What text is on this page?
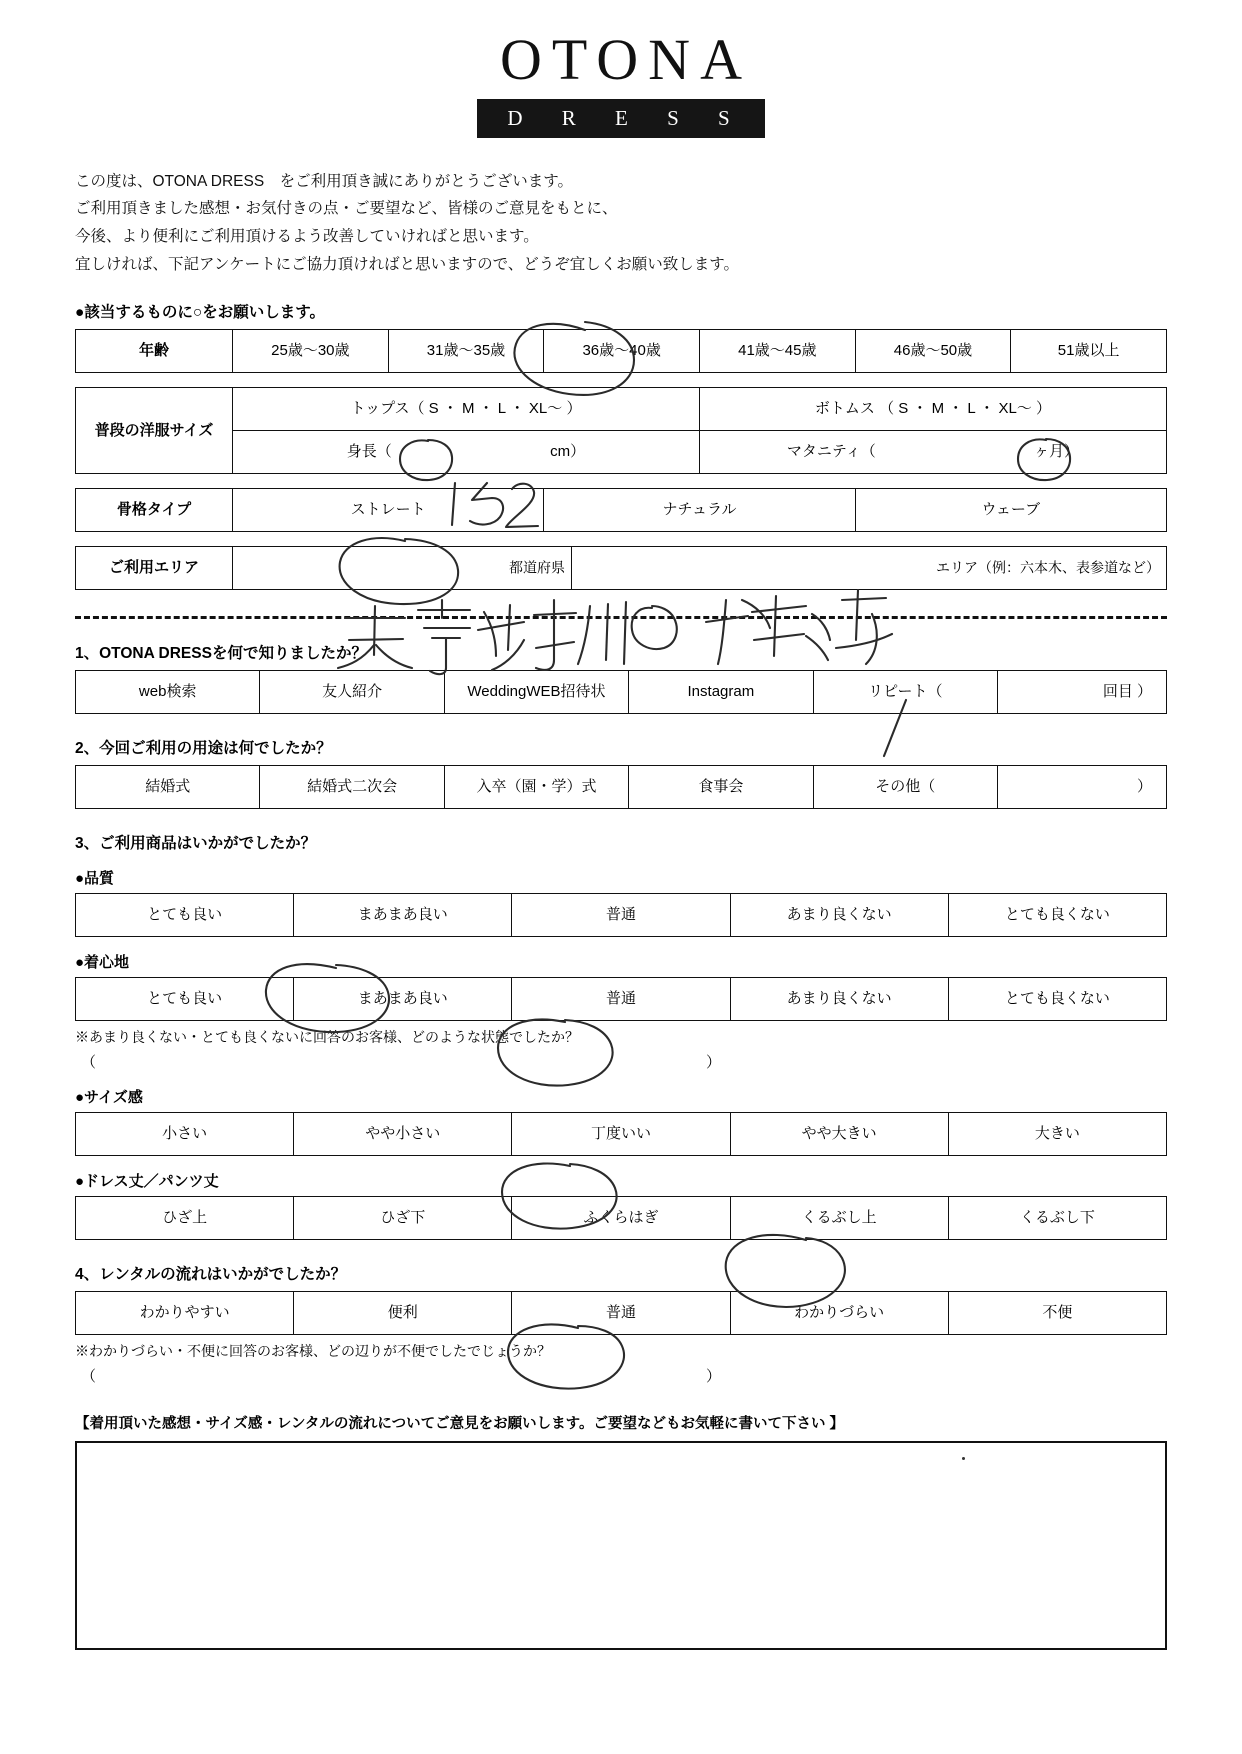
OTONA
D R E S S
この度は、OTONA DRESS　をご利用頂き誠にありがとうございます。
ご利用頂きました感想・お気付きの点・ご要望など、皆様のご意見をもとに、
今後、より便利にご利用頂けるよう改善していければと思います。
宜しければ、下記アンケートにご協力頂ければと思いますので、どうぞ宜しくお願い致します。
●該当するものに○をお願いします。
年齢	25歳〜30歳	31歳〜35歳	36歳〜40歳	41歳〜45歳	46歳〜50歳	51歳以上
普段の洋服サイズ	トップス（ S ・ M ・ L ・ XL〜 ）	ボトムス （ S ・ M ・ L ・ XL〜 ）
	身長（ cm）	マタニティ（ ヶ月）
骨格タイプ	ストレート	ナチュラル	ウェーブ
ご利用エリア	都道府県	エリア（例：六本木、表参道など）
1、OTONA DRESSを何で知りましたか？
web検索	友人紹介	WeddingWEB招待状	Instagram	リピート（	回目 ）
2、今回ご利用の用途は何でしたか？
結婚式	結婚式二次会	入卒（園・学）式	食事会	その他（	）
3、ご利用商品はいかがでしたか？
●品質
とても良い	まあまあ良い	普通	あまり良くない	とても良くない
●着心地
とても良い	まあまあ良い	普通	あまり良くない	とても良くない
※あまり良くない・とても良くないに回答のお客様、どのような状態でしたか？
（	）
●サイズ感
小さい	やや小さい	丁度いい	やや大きい	大きい
●ドレス丈／パンツ丈
ひざ上	ひざ下	ふくらはぎ	くるぶし上	くるぶし下
4、レンタルの流れはいかがでしたか？
わかりやすい	便利	普通	わかりづらい	不便
※わかりづらい・不便に回答のお客様、どの辺りが不便でしたでじょうか？
（	）
【着用頂いた感想・サイズ感・レンタルの流れについてご意見をお願いします。ご要望などもお気軽に書いて下さい 】
